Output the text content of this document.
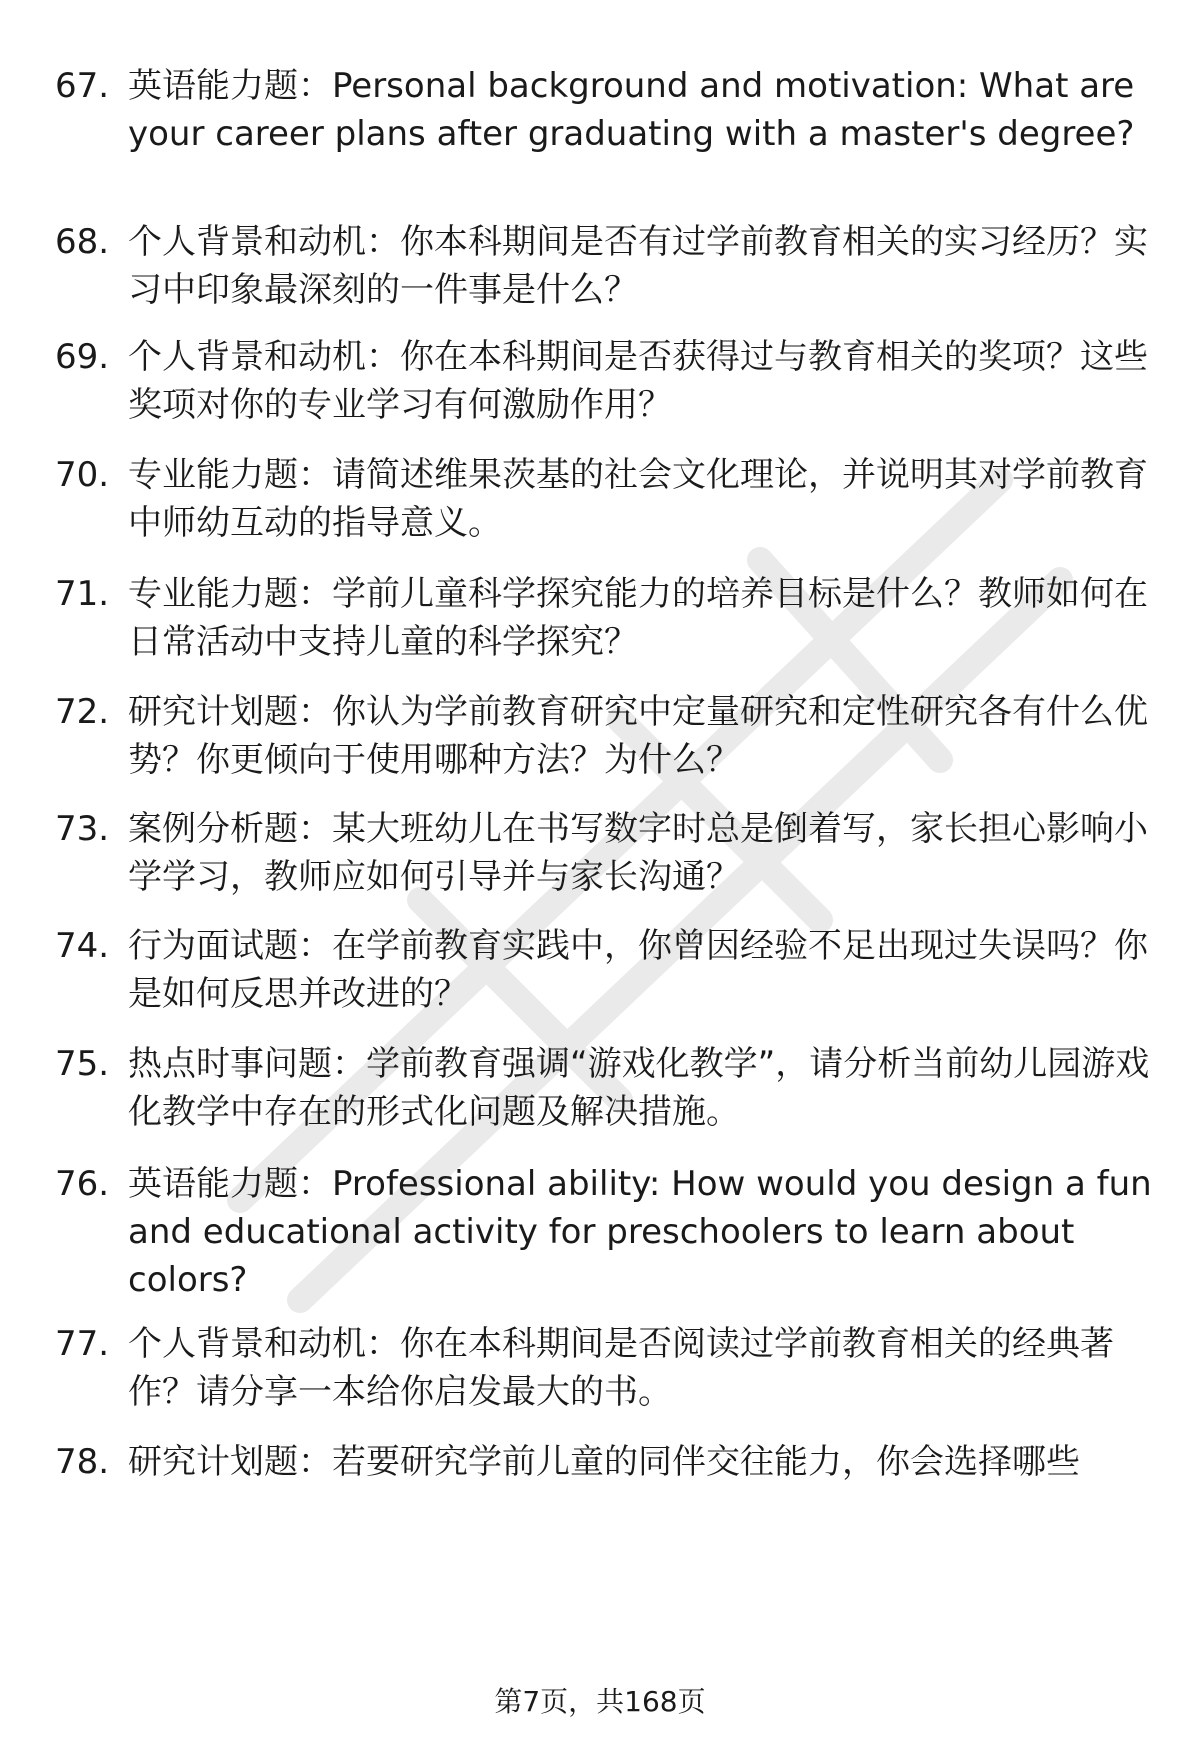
67. 英语能力题：Personal background and motivation: What are your career plans after graduating with a master's degree?
68. 个人背景和动机：你本科期间是否有过学前教育相关的实习经历？实习中印象最深刻的一件事是什么？
69. 个人背景和动机：你在本科期间是否获得过与教育相关的奖项？这些奖项对你的专业学习有何激励作用？
70. 专业能力题：请简述维果茨基的社会文化理论，并说明其对学前教育中师幼互动的指导意义。
71. 专业能力题：学前儿童科学探究能力的培养目标是什么？教师如何在日常活动中支持儿童的科学探究？
72. 研究计划题：你认为学前教育研究中定量研究和定性研究各有什么优势？你更倾向于使用哪种方法？为什么？
73. 案例分析题：某大班幼儿在书写数字时总是倒着写，家长担心影响小学学习，教师应如何引导并与家长沟通？
74. 行为面试题：在学前教育实践中，你曾因经验不足出现过失误吗？你是如何反思并改进的？
75. 热点时事问题：学前教育强调“游戏化教学”，请分析当前幼儿园游戏化教学中存在的形式化问题及解决措施。
76. 英语能力题：Professional ability: How would you design a fun and educational activity for preschoolers to learn about colors?
77. 个人背景和动机：你在本科期间是否阅读过学前教育相关的经典著作？请分享一本给你启发最大的书。
78. 研究计划题：若要研究学前儿童的同伴交往能力，你会选择哪些
第7页，共168页
